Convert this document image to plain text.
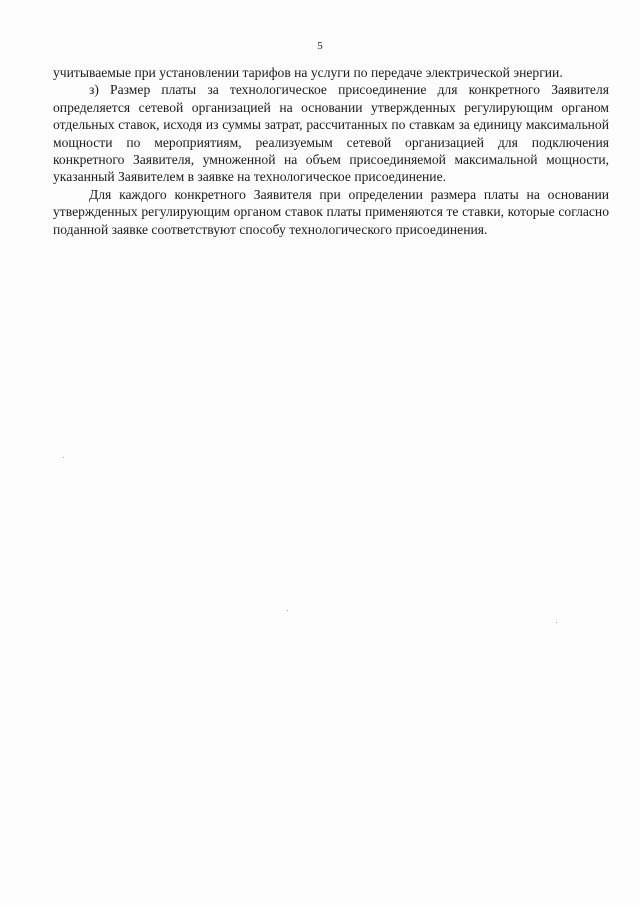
5

учитываемые при установлении тарифов на услуги по передаче электрической энергии.

з) Размер платы за технологическое присоединение для конкретного Заявителя определяется сетевой организацией на основании утвержденных регулирующим органом отдельных ставок, исходя из суммы затрат, рассчитанных по ставкам за единицу максимальной мощности по мероприятиям, реализуемым сетевой организацией для подключения конкретного Заявителя, умноженной на объем присоединяемой максимальной мощности, указанный Заявителем в заявке на технологическое присоединение.

Для каждого конкретного Заявителя при определении размера платы на основании утвержденных регулирующим органом ставок платы применяются те ставки, которые согласно поданной заявке соответствуют способу технологического присоединения.
